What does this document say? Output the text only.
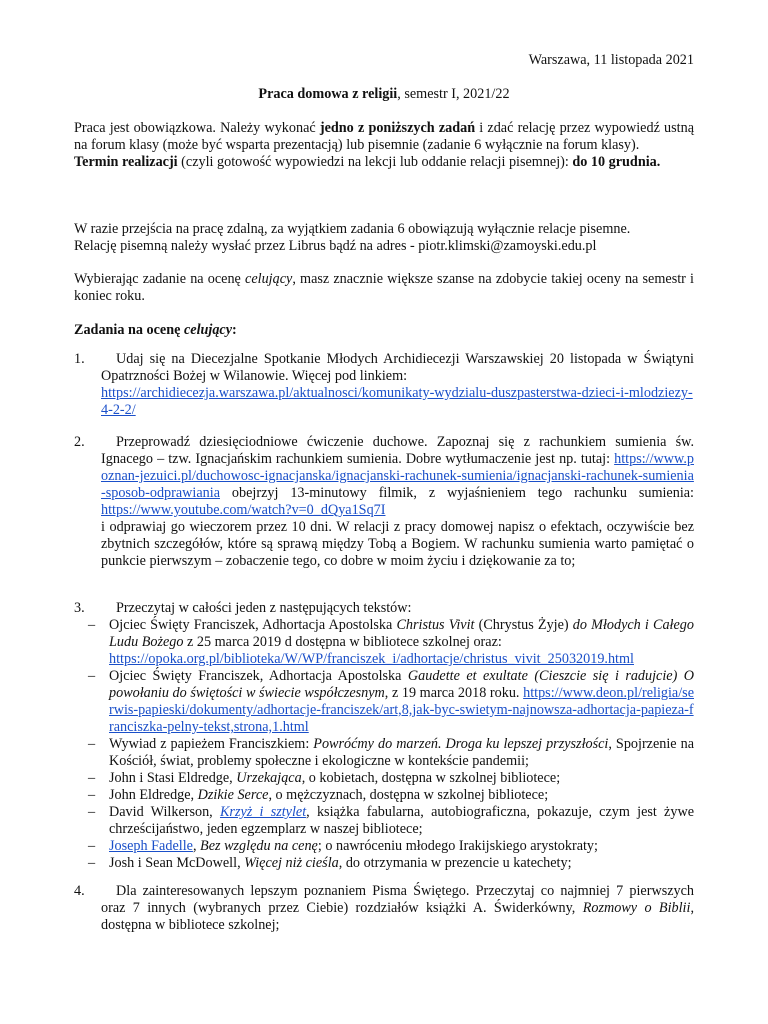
Warszawa, 11 listopada 2021
Praca domowa z religii, semestr I, 2021/22

Praca jest obowiązkowa. Należy wykonać jedno z poniższych zadań i zdać relację przez wypowiedź ustną na forum klasy (może być wsparta prezentacją) lub pisemnie (zadanie 6 wyłącznie na forum klasy).

Termin realizacji (czyli gotowość wypowiedzi na lekcji lub oddanie relacji pisemnej): do 10 grudnia.

W razie przejścia na pracę zdalną, za wyjątkiem zadania 6 obowiązują wyłącznie relacje pisemne.

Relację pisemną należy wysłać przez Librus bądź na adres - piotr.klimski@zamoyski.edu.pl

Wybierając zadanie na ocenę celujący, masz znacznie większe szanse na zdobycie takiej oceny na semestr i koniec roku.

Zadania na ocenę celujący:
1.	Udaj się na Diecezjalne Spotkanie Młodych Archidiecezji Warszawskiej 20 listopada w Świątyni Opatrzności Bożej w Wilanowie. Więcej pod linkiem:

https://archidiecezja.warszawa.pl/aktualnosci/komunikaty-wydzialu-duszpasterstwa-dzieci-i-mlodziezy-4-2-2/

2.	Przeprowadź dziesięciodniowe ćwiczenie duchowe. Zapoznaj się z rachunkiem sumienia św. Ignacego – tzw. Ignacjańskim rachunkiem sumienia. Dobre wytłumaczenie jest np. tutaj: https://www.poznan-jezuici.pl/duchowosc-ignacjanska/ignacjanski-rachunek-sumienia/ignacjanski-rachunek-sumienia-sposob-odprawiania obejrzyj 13-minutowy filmik, z wyjaśnieniem tego rachunku sumienia: https://www.youtube.com/watch?v=0_dQya1Sq7I

i odprawiaj go wieczorem przez 10 dni. W relacji z pracy domowej napisz o efektach, oczywiście bez zbytnich szczegółów, które są sprawą między Tobą a Bogiem. W rachunku sumienia warto pamiętać o punkcie pierwszym – zobaczenie tego, co dobre w moim życiu i dziękowanie za to;

3.	Przeczytaj w całości jeden z następujących tekstów:

– Ojciec Święty Franciszek, Adhortacja Apostolska Christus Vivit (Chrystus Żyje) do Młodych i Całego Ludu Bożego z 25 marca 2019 d dostępna w bibliotece szkolnej oraz:
https://opoka.org.pl/biblioteka/W/WP/franciszek_i/adhortacje/christus_vivit_25032019.html
– Ojciec Święty Franciszek, Adhortacja Apostolska Gaudette et exultate (Cieszcie się i radujcie) O powołaniu do świętości w świecie współczesnym, z 19 marca 2018 roku. https://www.deon.pl/religia/serwis-papieski/dokumenty/adhortacje-franciszek/art,8,jak-byc-swietym-najnowsza-adhortacja-papieza-franciszka-pelny-tekst,strona,1.html
– Wywiad z papieżem Franciszkiem: Powróćmy do marzeń. Droga ku lepszej przyszłości, Spojrzenie na Kościół, świat, problemy społeczne i ekologiczne w kontekście pandemii;
– John i Stasi Eldredge, Urzekająca, o kobietach, dostępna w szkolnej bibliotece;
– John Eldredge, Dzikie Serce, o mężczyznach, dostępna w szkolnej bibliotece;
– David Wilkerson, Krzyż i sztylet, książka fabularna, autobiograficzna, pokazuje, czym jest żywe chrześcijaństwo, jeden egzemplarz w naszej bibliotece;
– Joseph Fadelle, Bez względu na cenę; o nawróceniu młodego Irakijskiego arystokraty;
– Josh i Sean McDowell, Więcej niż cieśla, do otrzymania w prezencie u katechety;
4.	Dla zainteresowanych lepszym poznaniem Pisma Świętego. Przeczytaj co najmniej 7 pierwszych oraz 7 innych (wybranych przez Ciebie) rozdziałów książki A. Świderkówny, Rozmowy o Biblii, dostępna w bibliotece szkolnej;
